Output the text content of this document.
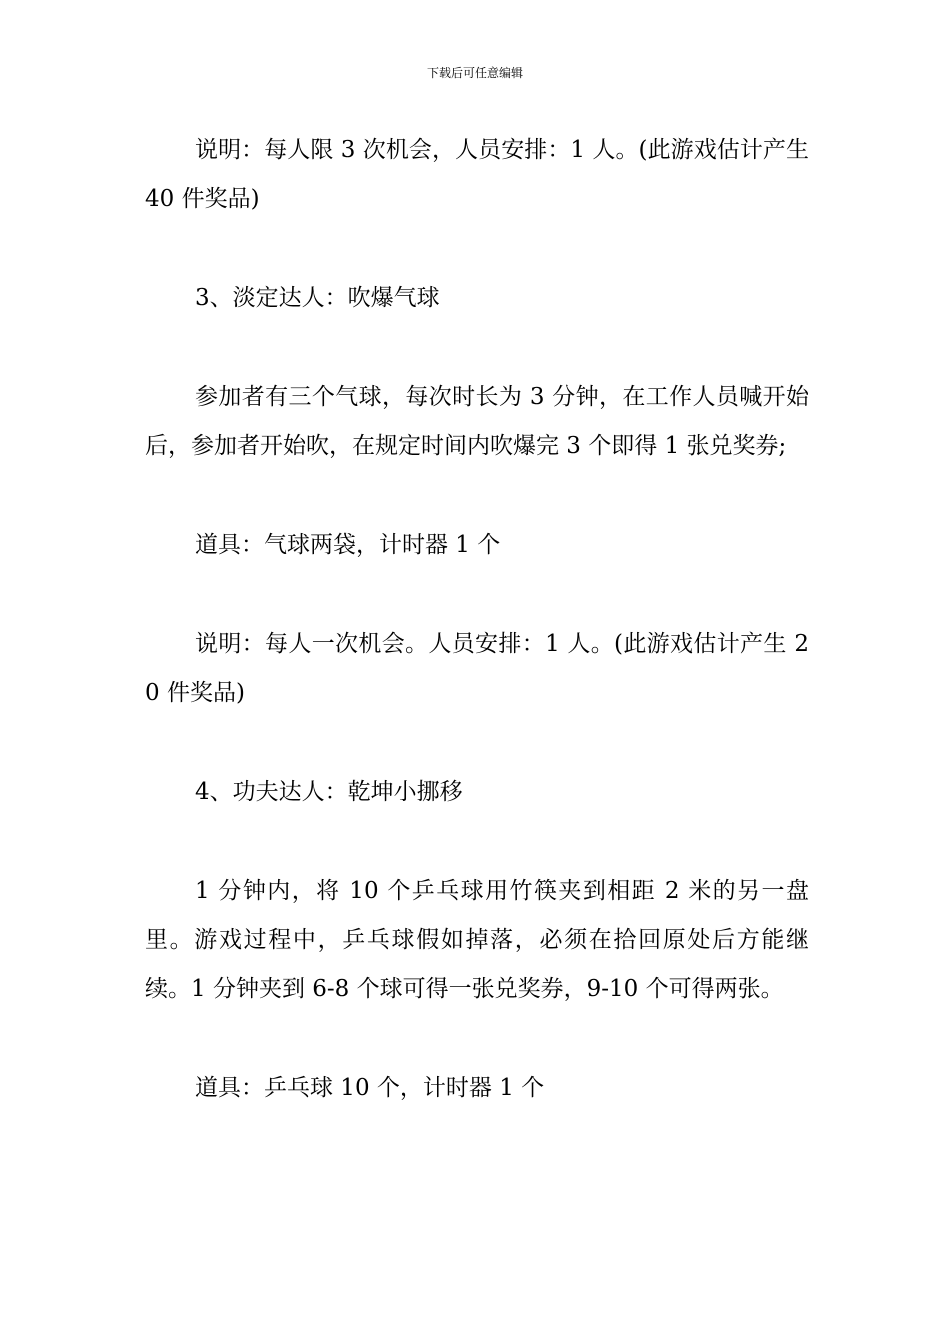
下载后可任意编辑

说明：每人限 3 次机会，人员安排：1 人。(此游戏估计产生 40 件奖品)

3、淡定达人：吹爆气球

参加者有三个气球，每次时长为 3 分钟，在工作人员喊开始后，参加者开始吹，在规定时间内吹爆完 3 个即得 1 张兑奖券;

道具：气球两袋，计时器 1 个

说明：每人一次机会。人员安排：1 人。(此游戏估计产生 20 件奖品)

4、功夫达人：乾坤小挪移

1 分钟内，将 10 个乒乓球用竹筷夹到相距 2 米的另一盘里。游戏过程中，乒乓球假如掉落，必须在拾回原处后方能继续。1 分钟夹到 6-8 个球可得一张兑奖券，9-10 个可得两张。

道具：乒乓球 10 个，计时器 1 个
